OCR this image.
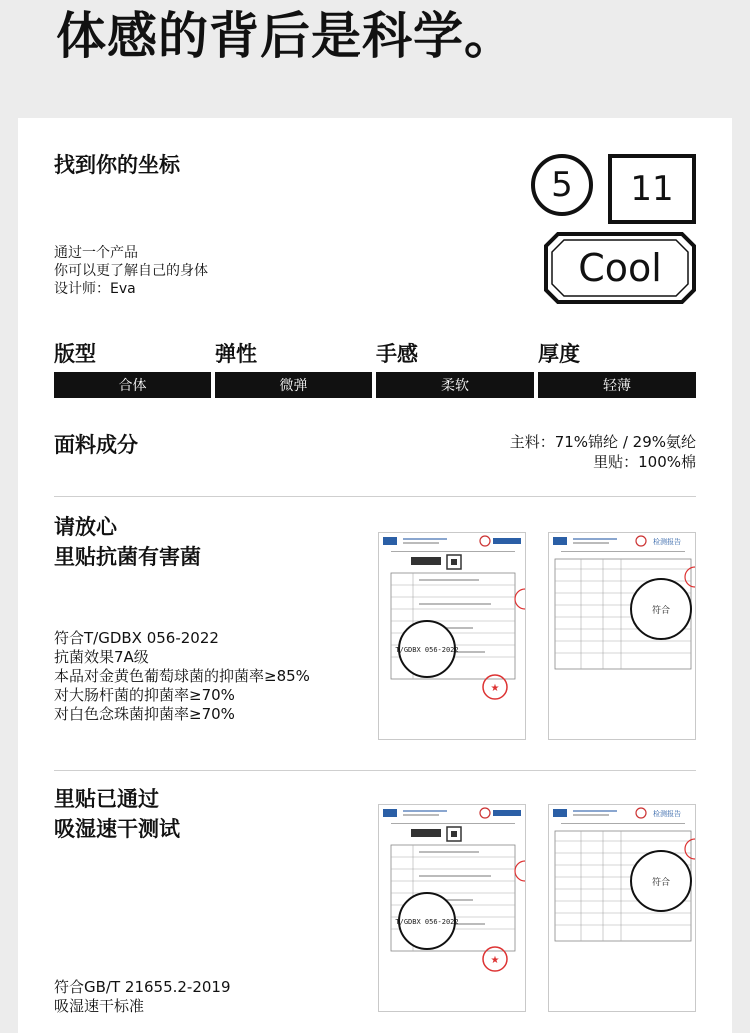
体感的背后是科学。
找到你的坐标
通过一个产品
你可以更了解自己的身体
设计师：Eva
5	11
Cool
版型	弹性	手感	厚度
合体	微弹	柔软	轻薄
面料成分	主料：71%锦纶 / 29%氨纶
里贴：100%棉
请放心
里贴抗菌有害菌
符合T/GDBX 056-2022
抗菌效果7A级
本品对金黄色葡萄球菌的抑菌率≥85%
对大肠杆菌的抑菌率≥70%
对白色念珠菌抑菌率≥70%
T/GDBX 056-2022
★
检测报告
符合
里贴已通过
吸湿速干测试
符合GB/T 21655.2-2019
吸湿速干标准
T/GDBX 056-2022
★
检测报告
符合
